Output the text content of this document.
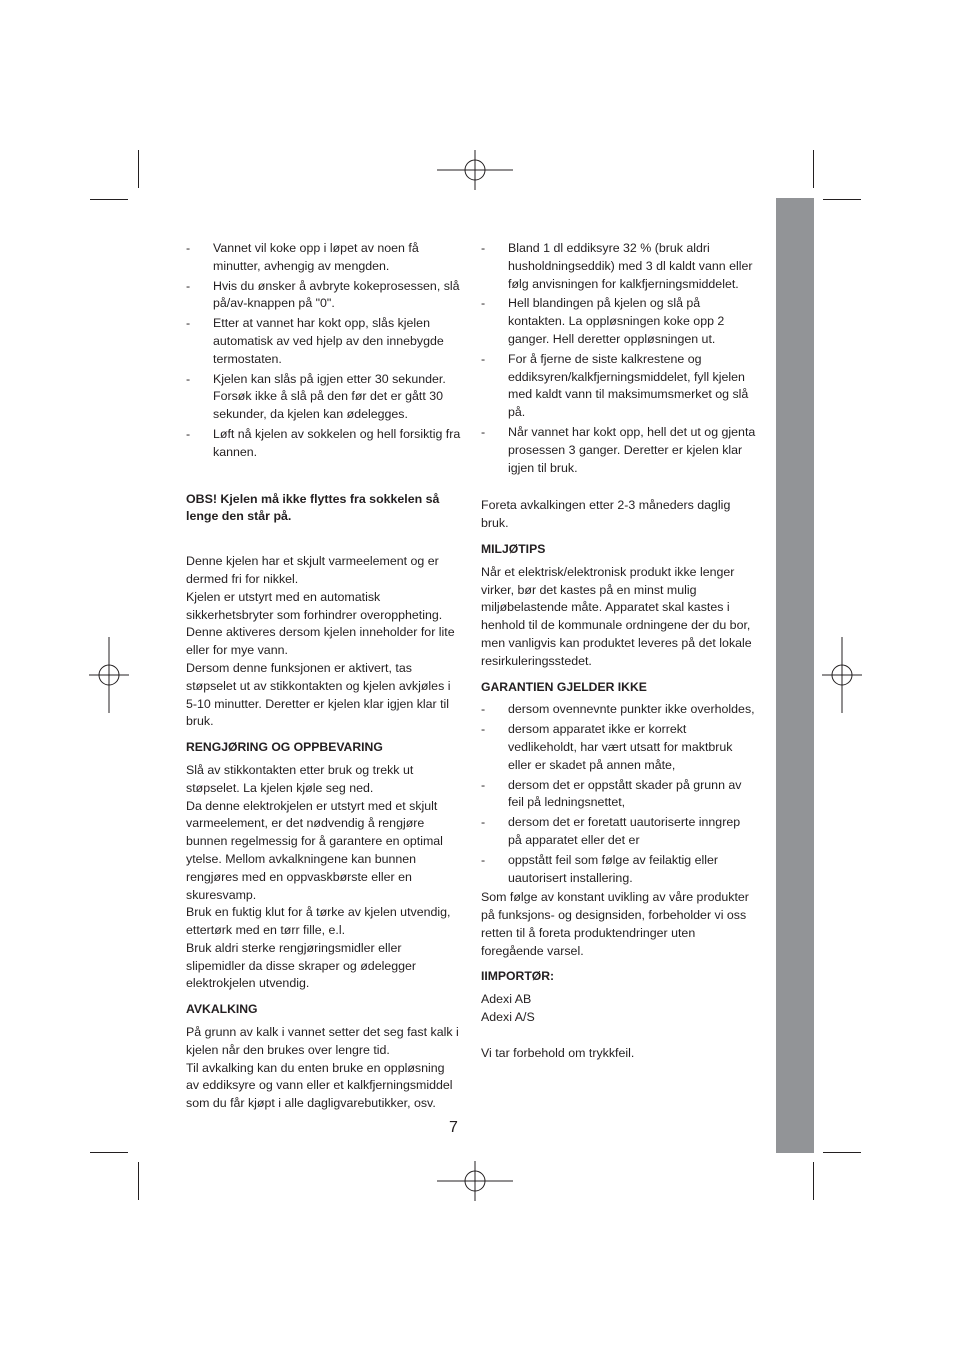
- Vannet vil koke opp i løpet av noen få minutter, avhengig av mengden.
- Hvis du ønsker å avbryte kokeprosessen, slå på/av-knappen på "0".
- Etter at vannet har kokt opp, slås kjelen automatisk av ved hjelp av den innebygde termostaten.
- Kjelen kan slås på igjen etter 30 sekunder. Forsøk ikke å slå på den før det er gått 30 sekunder, da kjelen kan ødelegges.
- Løft nå kjelen av sokkelen og hell forsiktig fra kannen.

OBS! Kjelen må ikke flyttes fra sokkelen så lenge den står på.

Denne kjelen har et skjult varmeelement og er dermed fri for nikkel.

Kjelen er utstyrt med en automatisk sikkerhetsbryter som forhindrer overoppheting. Denne aktiveres dersom kjelen inneholder for lite eller for mye vann.

Dersom denne funksjonen er aktivert, tas støpselet ut av stikkontakten og kjelen avkjøles i 5-10 minutter. Deretter er kjelen klar igjen klar til bruk.

RENGJØRING OG OPPBEVARING

Slå av stikkontakten etter bruk og trekk ut støpselet. La kjelen kjøle seg ned.

Da denne elektrokjelen er utstyrt med et skjult varmeelement, er det nødvendig å rengjøre bunnen regelmessig for å garantere en optimal ytelse. Mellom avkalkningene kan bunnen rengjøres med en oppvaskbørste eller en skuresvamp.

Bruk en fuktig klut for å tørke av kjelen utvendig, ettertørk med en tørr fille, e.l.

Bruk aldri sterke rengjøringsmidler eller slipemidler da disse skraper og ødelegger elektrokjelen utvendig.

AVKALKING

På grunn av kalk i vannet setter det seg fast kalk i kjelen når den brukes over lengre tid.

Til avkalking kan du enten bruke en oppløsning av eddiksyre og vann eller et kalkfjerningsmiddel som du får kjøpt i alle dagligvarebutikker, osv.

- Bland 1 dl eddiksyre 32 % (bruk aldri husholdningseddik) med 3 dl kaldt vann eller følg anvisningen for kalkfjerningsmiddelet.
- Hell blandingen på kjelen og slå på kontakten. La oppløsningen koke opp 2 ganger. Hell deretter oppløsningen ut.
- For å fjerne de siste kalkrestene og eddiksyren/kalkfjerningsmiddelet, fyll kjelen med kaldt vann til maksimumsmerket og slå på.
- Når vannet har kokt opp, hell det ut og gjenta prosessen 3 ganger. Deretter er kjelen klar igjen til bruk.

Foreta avkalkingen etter 2-3 måneders daglig bruk.

MILJØTIPS

Når et elektrisk/elektronisk produkt ikke lenger virker, bør det kastes på en minst mulig miljøbelastende måte. Apparatet skal kastes i henhold til de kommunale ordningene der du bor, men vanligvis kan produktet leveres på det lokale resirkuleringsstedet.

GARANTIEN GJELDER IKKE

- dersom ovennevnte punkter ikke overholdes,
- dersom apparatet ikke er korrekt vedlikeholdt, har vært utsatt for maktbruk eller er skadet på annen måte,
- dersom det er oppstått skader på grunn av feil på ledningsnettet,
- dersom det er foretatt uautoriserte inngrep på apparatet eller det er
- oppstått feil som følge av feilaktig eller uautorisert installering.

Som følge av konstant uvikling av våre produkter på funksjons- og designsiden, forbeholder vi oss retten til å foreta produktendringer uten foregående varsel.

IIMPORTØR:

Adexi AB

Adexi A/S

Vi tar forbehold om trykkfeil.

7
